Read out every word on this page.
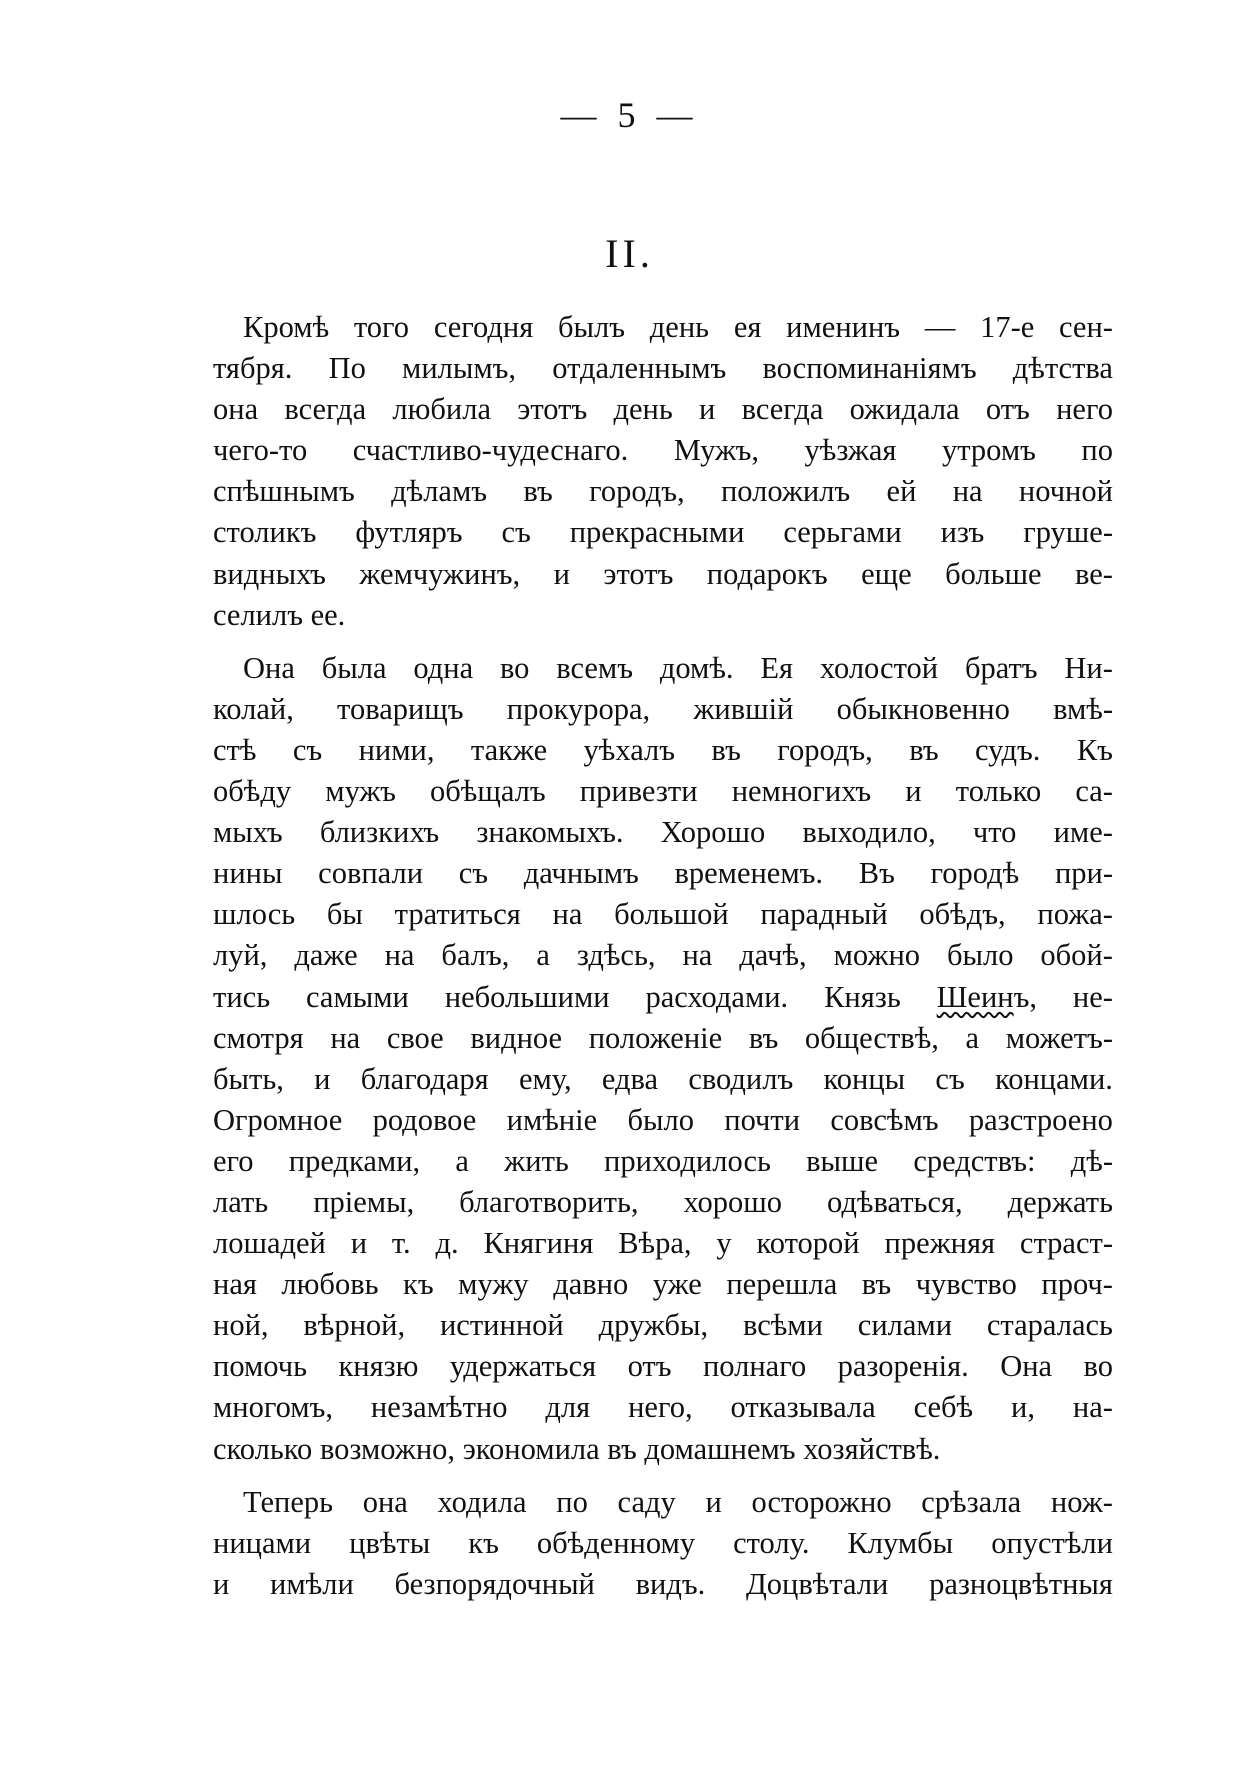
— 5 —
II.
Кромѣ того сегодня былъ день ея именинъ — 17-е сен-
тября. По милымъ, отдаленнымъ воспоминаніямъ дѣтства
она всегда любила этотъ день и всегда ожидала отъ него
чего-то счастливо-чудеснаго. Мужъ, уѣзжая утромъ по
спѣшнымъ дѣламъ въ городъ, положилъ ей на ночной
столикъ футляръ съ прекрасными серьгами изъ груше-
видныхъ жемчужинъ, и этотъ подарокъ еще больше ве-
селилъ
ее.
Она была одна во всемъ домѣ. Ея холостой братъ Ни-
колай, товарищъ прокурора, жившій обыкновенно вмѣ-
стѣ съ ними, также уѣхалъ въ городъ, въ судъ. Къ
обѣду мужъ обѣщалъ привезти немногихъ и только са-
мыхъ близкихъ знакомыхъ. Хорошо выходило, что име-
нины совпали съ дачнымъ временемъ. Въ городѣ при-
шлось бы тратиться на большой парадный обѣдъ, пожа-
луй, даже на балъ, а здѣсь, на дачѣ, можно было обой-
тись самыми небольшими расходами. Князь Шеинъ, не-
смотря на свое видное положеніе въ обществѣ, а можетъ-
быть, и благодаря ему, едва сводилъ концы съ концами.
Огромное родовое имѣніе было почти совсѣмъ разстроено
его предками, а жить приходилось выше средствъ: дѣ-
лать пріемы, благотворить, хорошо одѣваться, держать
лошадей и т. д. Княгиня Вѣра, у которой прежняя страст-
ная любовь къ мужу давно уже перешла въ чувство проч-
ной, вѣрной, истинной дружбы, всѣми силами старалась
помочь князю удержаться отъ полнаго разоренія. Она во
многомъ, незамѣтно для него, отказывала себѣ и, на-
сколько
возможно,
экономила
въ
домашнемъ
хозяйствѣ.
Теперь она ходила по саду и осторожно срѣзала нож-
ницами цвѣты къ обѣденному столу. Клумбы опустѣли
и имѣли безпорядочный видъ. Доцвѣтали разноцвѣтныя
